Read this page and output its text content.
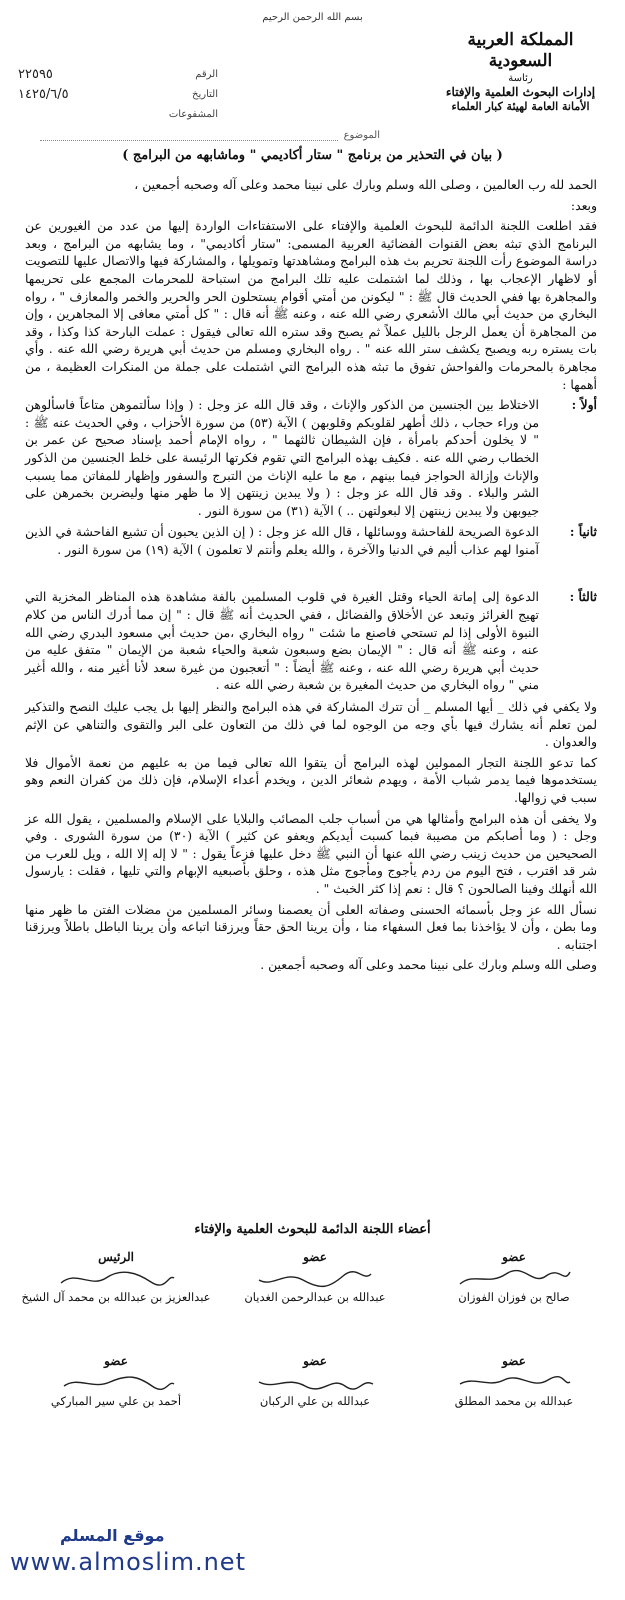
بسم الله الرحمن الرحيم
المملكة العربية السعودية
رئاسة
إدارات البحوث العلمية والإفتاء
الأمانة العامة لهيئة كبار العلماء
الرقم
٢٢٥٩٥
التاريخ
١٤٢٥/٦/٥
المشفوعات
الموضوع
( بيان في التحذير من برنامج " ستار أكاديمي " وماشابهه من البرامج )

الحمد لله رب العالمين ، وصلى الله وسلم وبارك على نبينا محمد وعلى آله وصحبه أجمعين ،

وبعد:

فقد اطلعت اللجنة الدائمة للبحوث العلمية والإفتاء على الاستفتاءات الواردة إليها من عدد من الغيورين عن البرنامج الذي تبثه بعض القنوات الفضائية العربية المسمى: "ستار أكاديمي" ، وما يشابهه من البرامج ، وبعد دراسة الموضوع رأت اللجنة تحريم بث هذه البرامج ومشاهدتها وتمويلها ، والمشاركة فيها والاتصال عليها للتصويت أو لاظهار الإعجاب بها ، وذلك لما اشتملت عليه تلك البرامج من استباحة للمحرمات المجمع على تحريمها والمجاهرة بها ففي الحديث قال ﷺ : " ليكونن من أمتي أقوام يستحلون الحر والحرير والخمر والمعازف " ، رواه البخاري من حديث أبي مالك الأشعري رضي الله عنه ، وعنه ﷺ أنه قال : " كل أمتي معافى إلا المجاهرين ، وإن من المجاهرة أن يعمل الرجل بالليل عملاً ثم يصبح وقد ستره الله تعالى فيقول : عملت البارحة كذا وكذا ، وقد بات يستره ربه ويصبح يكشف ستر الله عنه " . رواه البخاري ومسلم من حديث أبي هريرة رضي الله عنه . وأي مجاهرة بالمحرمات والفواحش تفوق ما تبثه هذه البرامج التي اشتملت على جملة من المنكرات العظيمة ، من أهمها :

أولاً :
الاختلاط بين الجنسين من الذكور والإناث ، وقد قال الله عز وجل : ( وإذا سألتموهن متاعاً فاسألوهن من وراء حجاب ، ذلك أطهر لقلوبكم وقلوبهن ) الآية (٥٣) من سورة الأحزاب ، وفي الحديث عنه ﷺ : " لا يخلون أحدكم بامرأة ، فإن الشيطان ثالثهما " ، رواه الإمام أحمد بإسناد صحيح عن عمر بن الخطاب رضي الله عنه . فكيف بهذه البرامج التي تقوم فكرتها الرئيسة على خلط الجنسين من الذكور والإناث وإزالة الحواجز فيما بينهم ، مع ما عليه الإناث من التبرج والسفور وإظهار للمفاتن مما يسبب الشر والبلاء . وقد قال الله عز وجل : ( ولا يبدين زينتهن إلا ما ظهر منها وليضربن بخمرهن على جيوبهن ولا يبدين زينتهن إلا لبعولتهن .. ) الآية (٣١) من سورة النور .
ثانياً :
الدعوة الصريحة للفاحشة ووسائلها ، قال الله عز وجل : ( إن الذين يحبون أن تشيع الفاحشة في الذين آمنوا لهم عذاب أليم في الدنيا والآخرة ، والله يعلم وأنتم لا تعلمون ) الآية (١٩) من سورة النور .
ثالثاً :
الدعوة إلى إماتة الحياء وقتل الغيرة في قلوب المسلمين بالفة مشاهدة هذه المناظر المخزية التي تهيج الغرائز وتبعد عن الأخلاق والفضائل ، ففي الحديث أنه ﷺ قال : " إن مما أدرك الناس من كلام النبوة الأولى إذا لم تستحي فاصنع ما شئت " رواه البخاري ،من حديث أبي مسعود البدري رضي الله عنه ، وعنه ﷺ أنه قال : " الإيمان بضع وسبعون شعبة والحياء شعبة من الإيمان " متفق عليه من حديث أبي هريرة رضي الله عنه ، وعنه ﷺ أيضاً : " أتعجبون من غيرة سعد لأنا أغير منه ، والله أغير مني " رواه البخاري من حديث المغيرة بن شعبة رضي الله عنه .

ولا يكفي في ذلك _ أيها المسلم _ أن تترك المشاركة في هذه البرامج والنظر إليها بل يجب عليك النصح والتذكير لمن تعلم أنه يشارك فيها بأي وجه من الوجوه لما في ذلك من التعاون على البر والتقوى والتناهي عن الإثم والعدوان .

كما تدعو اللجنة التجار الممولين لهذه البرامج أن يتقوا الله تعالى فيما من به عليهم من نعمة الأموال فلا يستخدموها فيما يدمر شباب الأمة ، ويهدم شعائر الدين ، ويخدم أعداء الإسلام، فإن ذلك من كفران النعم وهو سبب في زوالها.

ولا يخفى أن هذه البرامج وأمثالها هي من أسباب جلب المصائب والبلايا على الإسلام والمسلمين ، يقول الله عز وجل : ( وما أصابكم من مصيبة فبما كسبت أيديكم ويعفو عن كثير ) الآية (٣٠) من سورة الشورى . وفي الصحيحين من حديث زينب رضي الله عنها أن النبي ﷺ دخل عليها فزعاً يقول : " لا إله إلا الله ، ويل للعرب من شر قد اقترب ، فتح اليوم من ردم يأجوج ومأجوج مثل هذه ، وحلق بأصبعيه الإبهام والتي تليها ، فقلت : يارسول الله أنهلك وفينا الصالحون ؟ قال : نعم إذا كثر الخبث " .

نسأل الله عز وجل بأسمائه الحسنى وصفاته العلى أن يعصمنا وسائر المسلمين من مضلات الفتن ما ظهر منها وما بطن ، وأن لا يؤاخذنا بما فعل السفهاء منا ، وأن يرينا الحق حقاً ويرزقنا اتباعه وأن يرينا الباطل باطلاً ويرزقنا اجتنابه .

وصلى الله وسلم وبارك على نبينا محمد وعلى آله وصحبه أجمعين .

أعضاء اللجنة الدائمة للبحوث العلمية والإفتاء
الرئيس
عبدالعزيز بن عبدالله بن محمد آل الشيخ
عضو
عبدالله بن عبدالرحمن الغديان
عضو
صالح بن فوزان الفوزان
عضو
أحمد بن علي سير المباركي
عضو
عبدالله بن علي الركبان
عضو
عبدالله بن محمد المطلق
موقع المسلم
www.almoslim.net
